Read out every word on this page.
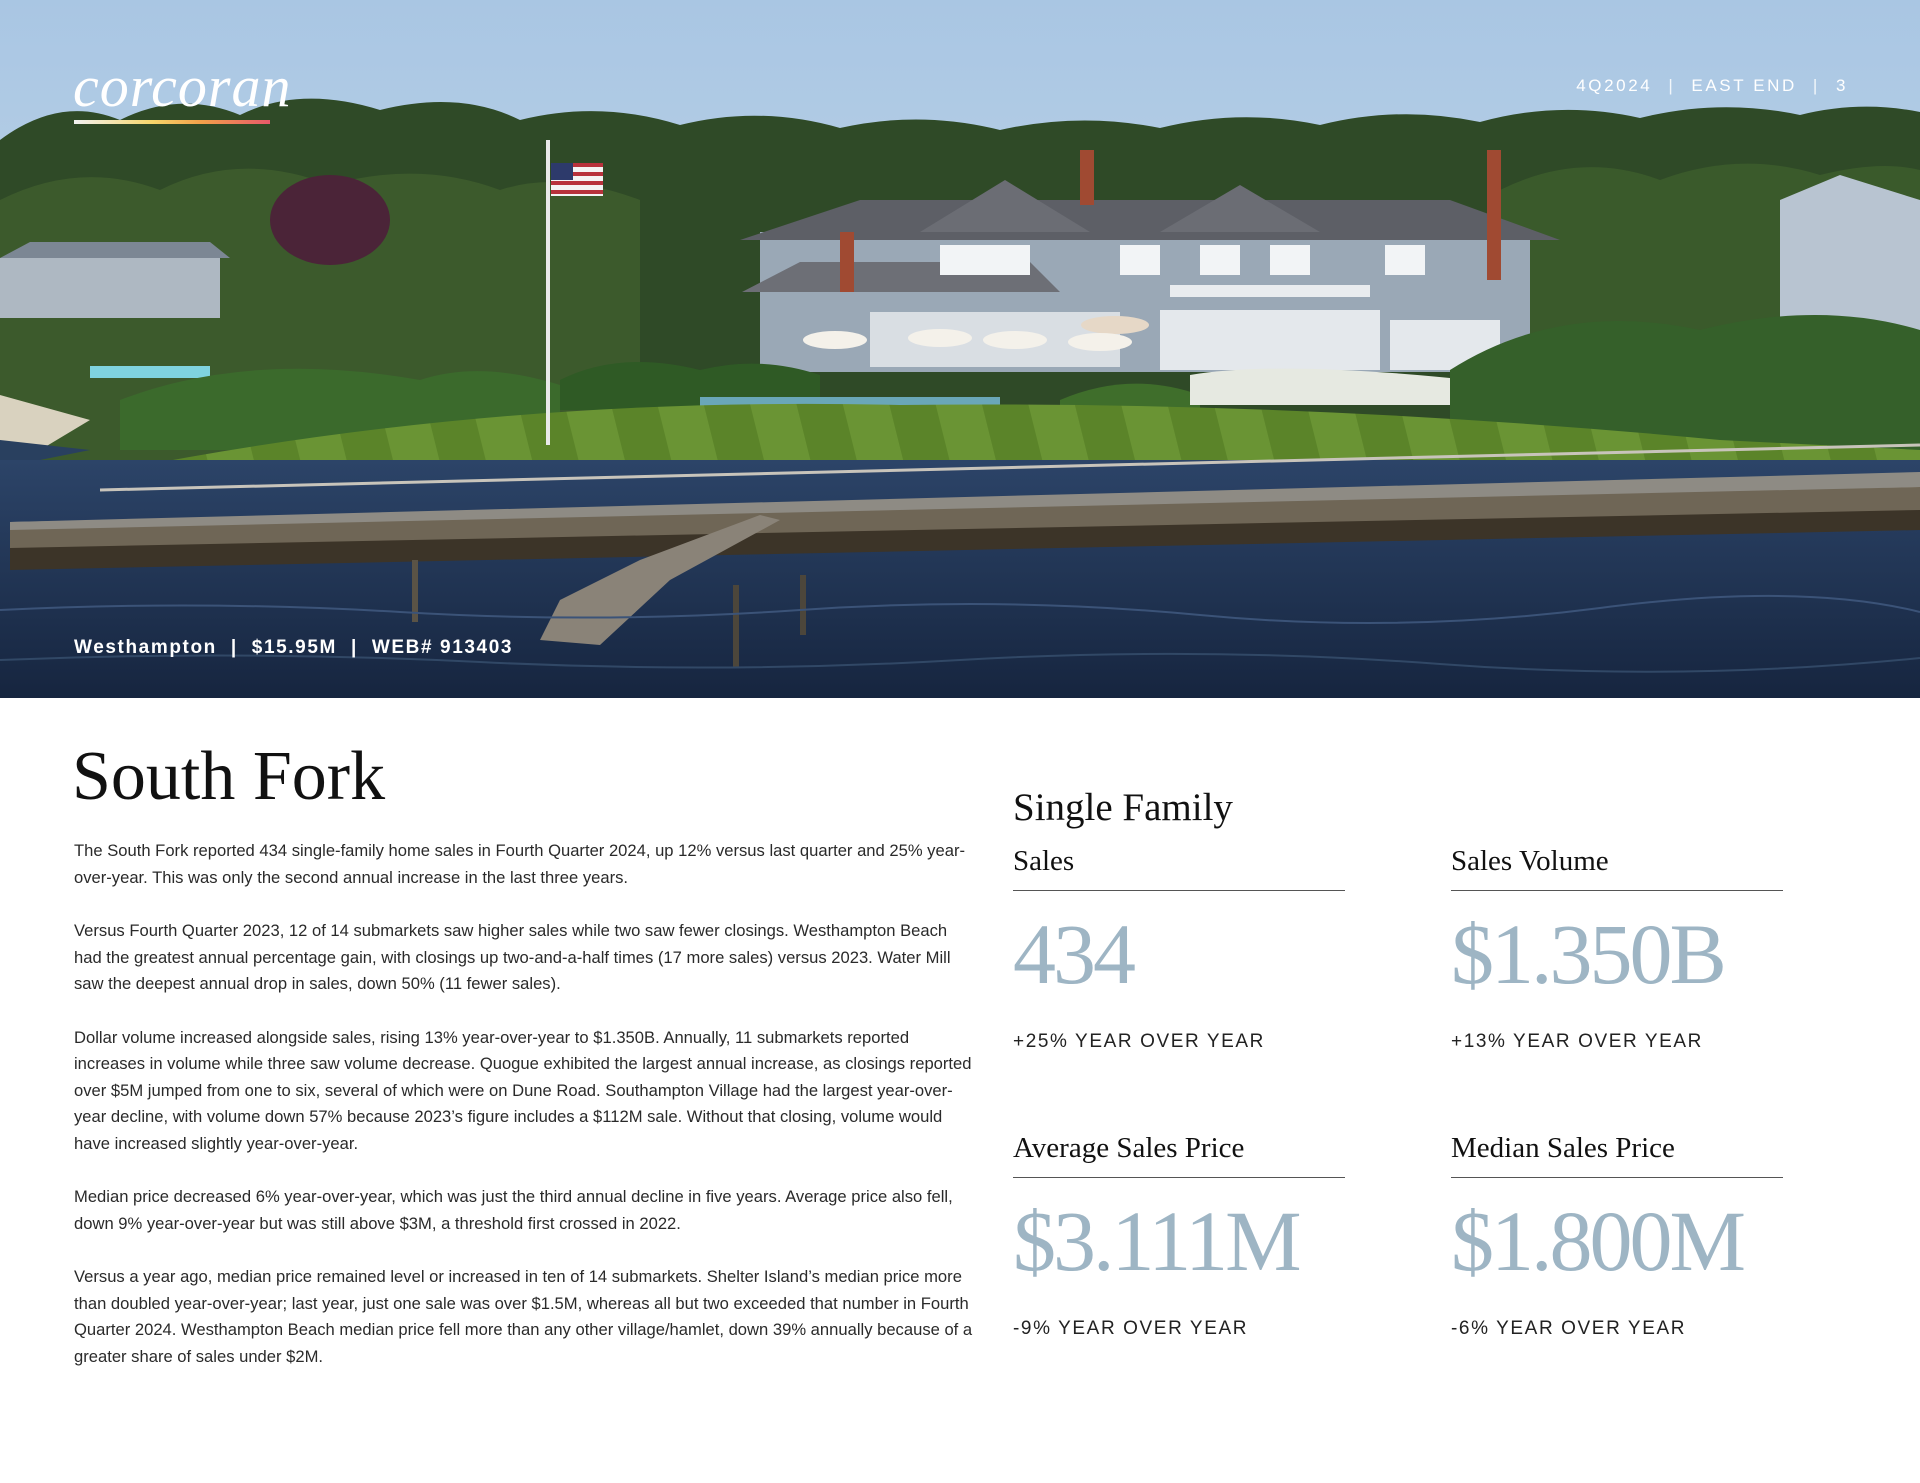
corcoran	4Q2024 | EAST END | 3
Westhampton | $15.95M | WEB# 913403
South Fork

The South Fork reported 434 single-family home sales in Fourth Quarter 2024, up 12% versus last quarter and 25% year-over-year. This was only the second annual increase in the last three years.

Versus Fourth Quarter 2023, 12 of 14 submarkets saw higher sales while two saw fewer closings. Westhampton Beach had the greatest annual percentage gain, with closings up two-and-a-half times (17 more sales) versus 2023. Water Mill saw the deepest annual drop in sales, down 50% (11 fewer sales).

Dollar volume increased alongside sales, rising 13% year-over-year to $1.350B. Annually, 11 submarkets reported increases in volume while three saw volume decrease. Quogue exhibited the largest annual increase, as closings reported over $5M jumped from one to six, several of which were on Dune Road. Southampton Village had the largest year-over-year decline, with volume down 57% because 2023’s figure includes a $112M sale. Without that closing, volume would have increased slightly year-over-year.

Median price decreased 6% year-over-year, which was just the third annual decline in five years. Average price also fell, down 9% year-over-year but was still above $3M, a threshold first crossed in 2022.

Versus a year ago, median price remained level or increased in ten of 14 submarkets. Shelter Island’s median price more than doubled year-over-year; last year, just one sale was over $1.5M, whereas all but two exceeded that number in Fourth Quarter 2024. Westhampton Beach median price fell more than any other village/hamlet, down 39% annually because of a greater share of sales under $2M.

Single Family
Sales
434
+25% YEAR OVER YEAR
Sales Volume
$1.350B
+13% YEAR OVER YEAR
Average Sales Price
$3.111M
-9% YEAR OVER YEAR
Median Sales Price
$1.800M
-6% YEAR OVER YEAR
